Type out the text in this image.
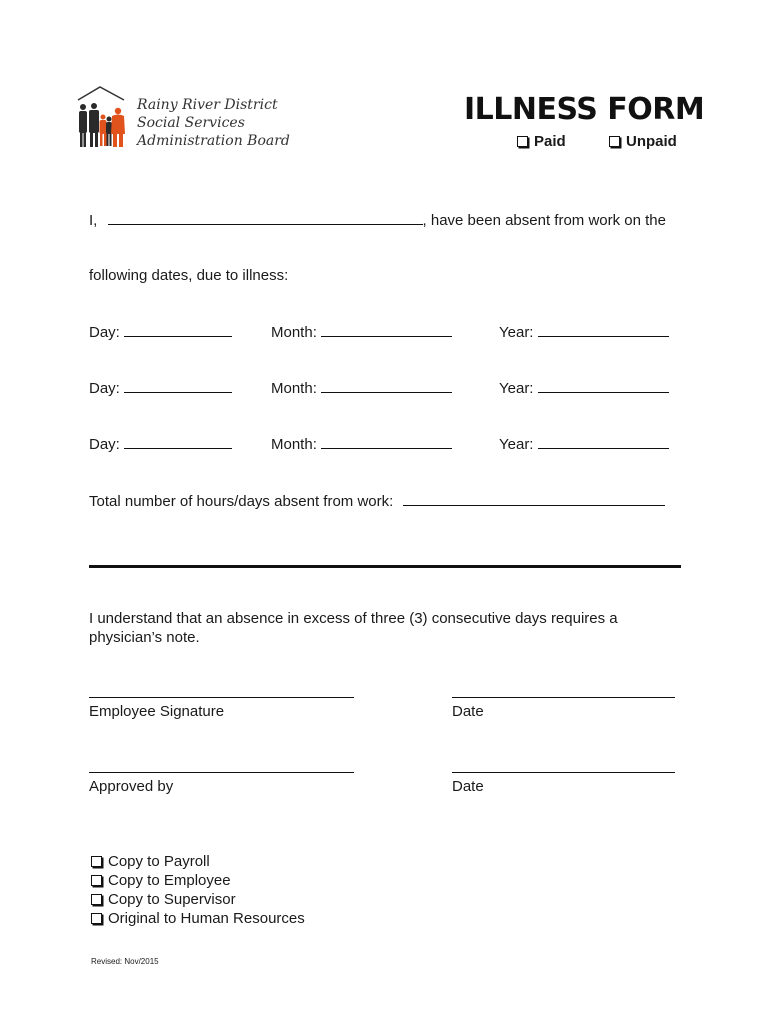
Rainy River District
Social Services
Administration Board
ILLNESS FORM
Paid	Unpaid
I,	, have been absent from work on the
following dates, due to illness:
Day:	Month:	Year:
Day:	Month:	Year:
Day:	Month:	Year:
Total number of hours/days absent from work:
I understand that an absence in excess of three (3) consecutive days requires a
physician’s note.
Employee Signature	Date
Approved by	Date
Copy to Payroll
Copy to Employee
Copy to Supervisor
Original to Human Resources
Revised: Nov/2015
